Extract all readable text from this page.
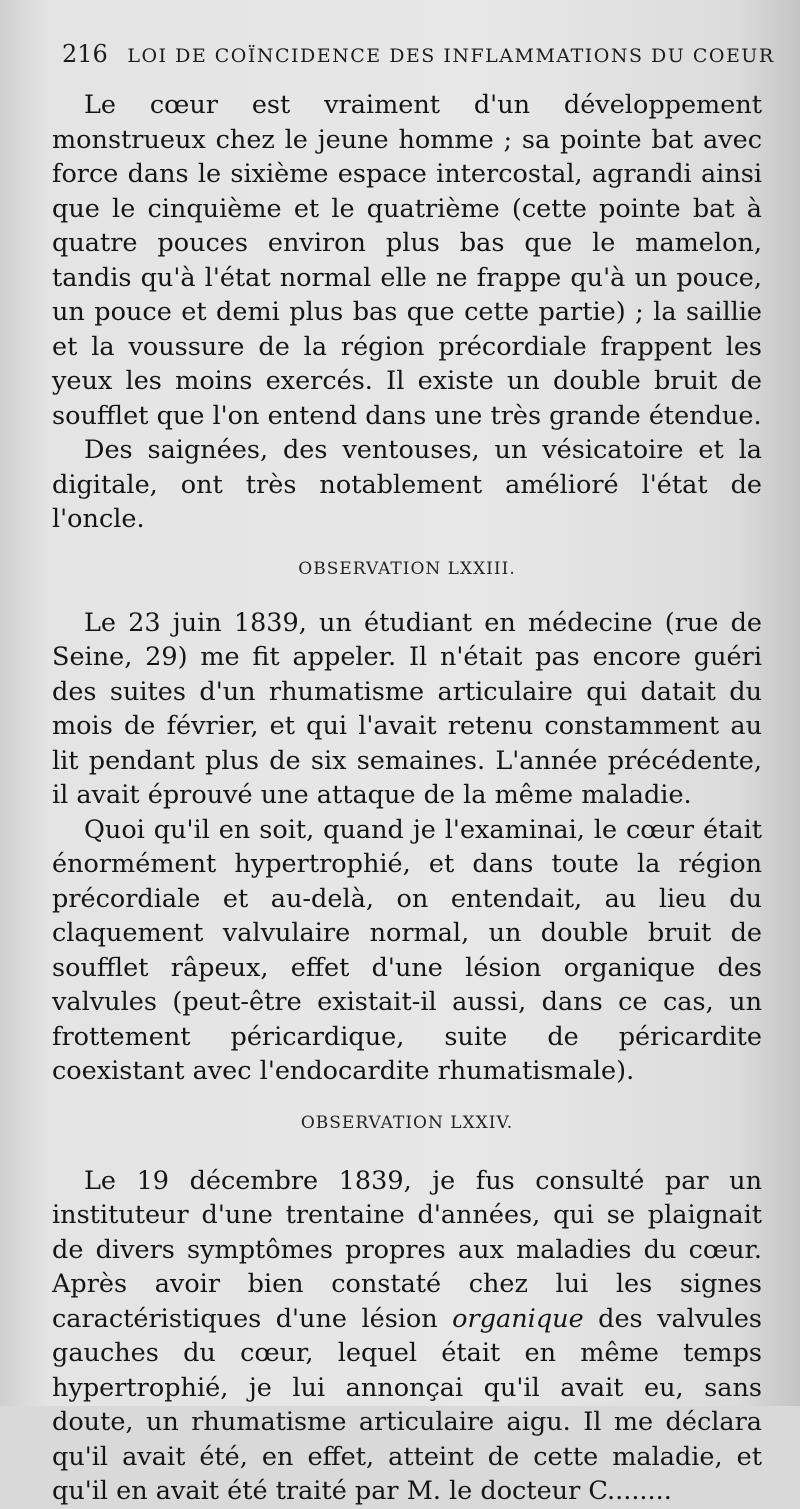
216 LOI DE COÏNCIDENCE DES INFLAMMATIONS DU COEUR

Le cœur est vraiment d'un développement monstrueux chez le jeune homme ; sa pointe bat avec force dans le sixième espace intercostal, agrandi ainsi que le cinquième et le quatrième (cette pointe bat à quatre pouces environ plus bas que le mamelon, tandis qu'à l'état normal elle ne frappe qu'à un pouce, un pouce et demi plus bas que cette partie) ; la saillie et la voussure de la région précordiale frappent les yeux les moins exercés. Il existe un double bruit de soufflet que l'on entend dans une très grande étendue.

Des saignées, des ventouses, un vésicatoire et la digitale, ont très notablement amélioré l'état de l'oncle.

OBSERVATION LXXIII.

Le 23 juin 1839, un étudiant en médecine (rue de Seine, 29) me fit appeler. Il n'était pas encore guéri des suites d'un rhumatisme articulaire qui datait du mois de février, et qui l'avait retenu constamment au lit pendant plus de six semaines. L'année précédente, il avait éprouvé une attaque de la même maladie.

Quoi qu'il en soit, quand je l'examinai, le cœur était énormément hypertrophié, et dans toute la région précordiale et au-delà, on entendait, au lieu du claquement valvulaire normal, un double bruit de soufflet râpeux, effet d'une lésion organique des valvules (peut-être existait-il aussi, dans ce cas, un frottement péricardique, suite de péricardite coexistant avec l'endocardite rhumatismale).

OBSERVATION LXXIV.

Le 19 décembre 1839, je fus consulté par un instituteur d'une trentaine d'années, qui se plaignait de divers symptômes propres aux maladies du cœur. Après avoir bien constaté chez lui les signes caractéristiques d'une lésion organique des valvules gauches du cœur, lequel était en même temps hypertrophié, je lui annonçai qu'il avait eu, sans doute, un rhumatisme articulaire aigu. Il me déclara qu'il avait été, en effet, atteint de cette maladie, et qu'il en avait été traité par M. le docteur C........
